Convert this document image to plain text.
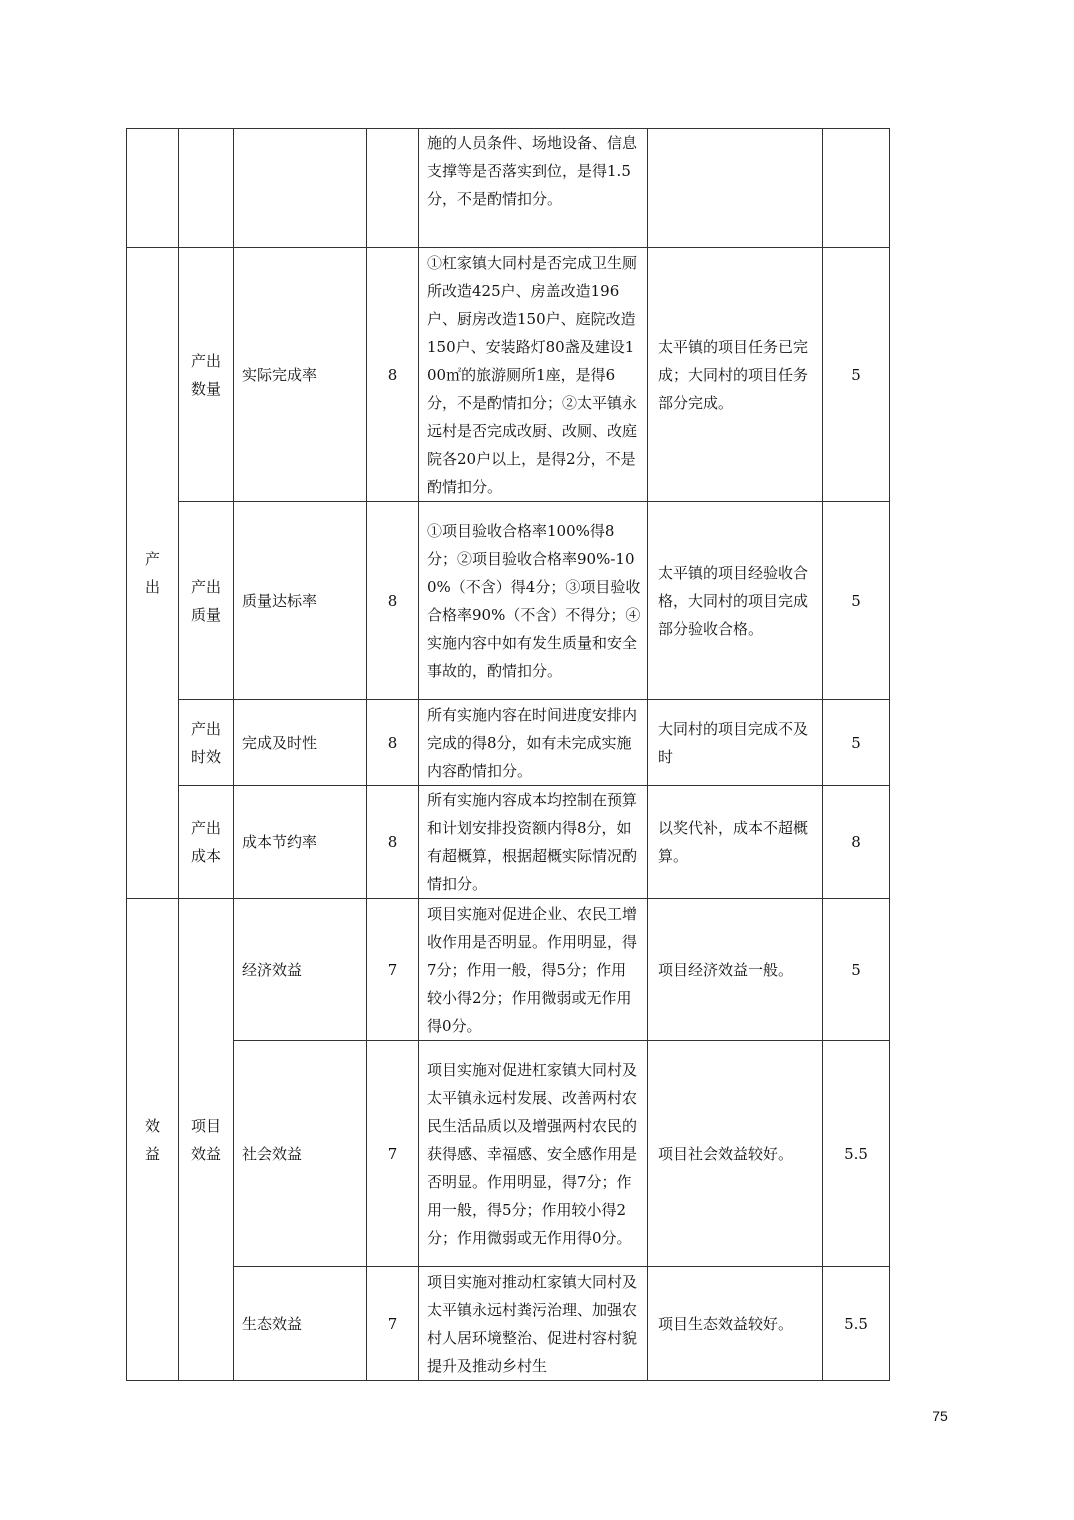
				施的人员条件、场地设备、信息支撑等是否落实到位，是得1.5分，不是酌情扣分。		
产出	产出数量	实际完成率	8	①杠家镇大同村是否完成卫生厕所改造425户、房盖改造196户、厨房改造150户、庭院改造150户、安装路灯80盏及建设100㎡的旅游厕所1座，是得6分，不是酌情扣分；②太平镇永远村是否完成改厨、改厕、改庭院各20户以上，是得2分，不是酌情扣分。	太平镇的项目任务已完成；大同村的项目任务部分完成。	5
	产出质量	质量达标率	8	①项目验收合格率100%得8分；②项目验收合格率90%-100%（不含）得4分；③项目验收合格率90%（不含）不得分；④实施内容中如有发生质量和安全事故的，酌情扣分。	太平镇的项目经验收合格，大同村的项目完成部分验收合格。	5
	产出时效	完成及时性	8	所有实施内容在时间进度安排内完成的得8分，如有未完成实施内容酌情扣分。	大同村的项目完成不及时	5
	产出成本	成本节约率	8	所有实施内容成本均控制在预算和计划安排投资额内得8分，如有超概算，根据超概实际情况酌情扣分。	以奖代补，成本不超概算。	8
效益	项目效益	经济效益	7	项目实施对促进企业、农民工增收作用是否明显。作用明显，得7分；作用一般，得5分；作用较小得2分；作用微弱或无作用得0分。	项目经济效益一般。	5
		社会效益	7	项目实施对促进杠家镇大同村及太平镇永远村发展、改善两村农民生活品质以及增强两村农民的获得感、幸福感、安全感作用是否明显。作用明显，得7分；作用一般，得5分；作用较小得2分；作用微弱或无作用得0分。	项目社会效益较好。	5.5
		生态效益	7	项目实施对推动杠家镇大同村及太平镇永远村粪污治理、加强农村人居环境整治、促进村容村貌提升及推动乡村生	项目生态效益较好。	5.5
75
